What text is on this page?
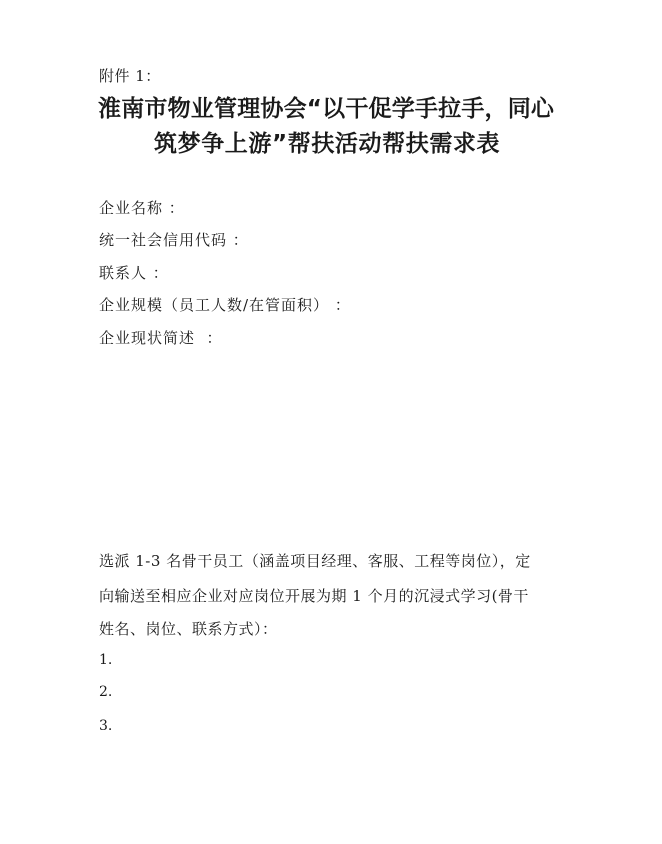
附件 1：
淮南市物业管理协会“以干促学手拉手，同心
筑梦争上游”帮扶活动帮扶需求表
企业名称 ：
统一社会信用代码 ：
联系人 ：
企业规模（员工人数/在管面积） ：
企业现状简述  ：
选派 1-3 名骨干员工（涵盖项目经理、客服、工程等岗位），定
向输送至相应企业对应岗位开展为期 1 个月的沉浸式学习(骨干
姓名、岗位、联系方式）：
1.
2.
3.
